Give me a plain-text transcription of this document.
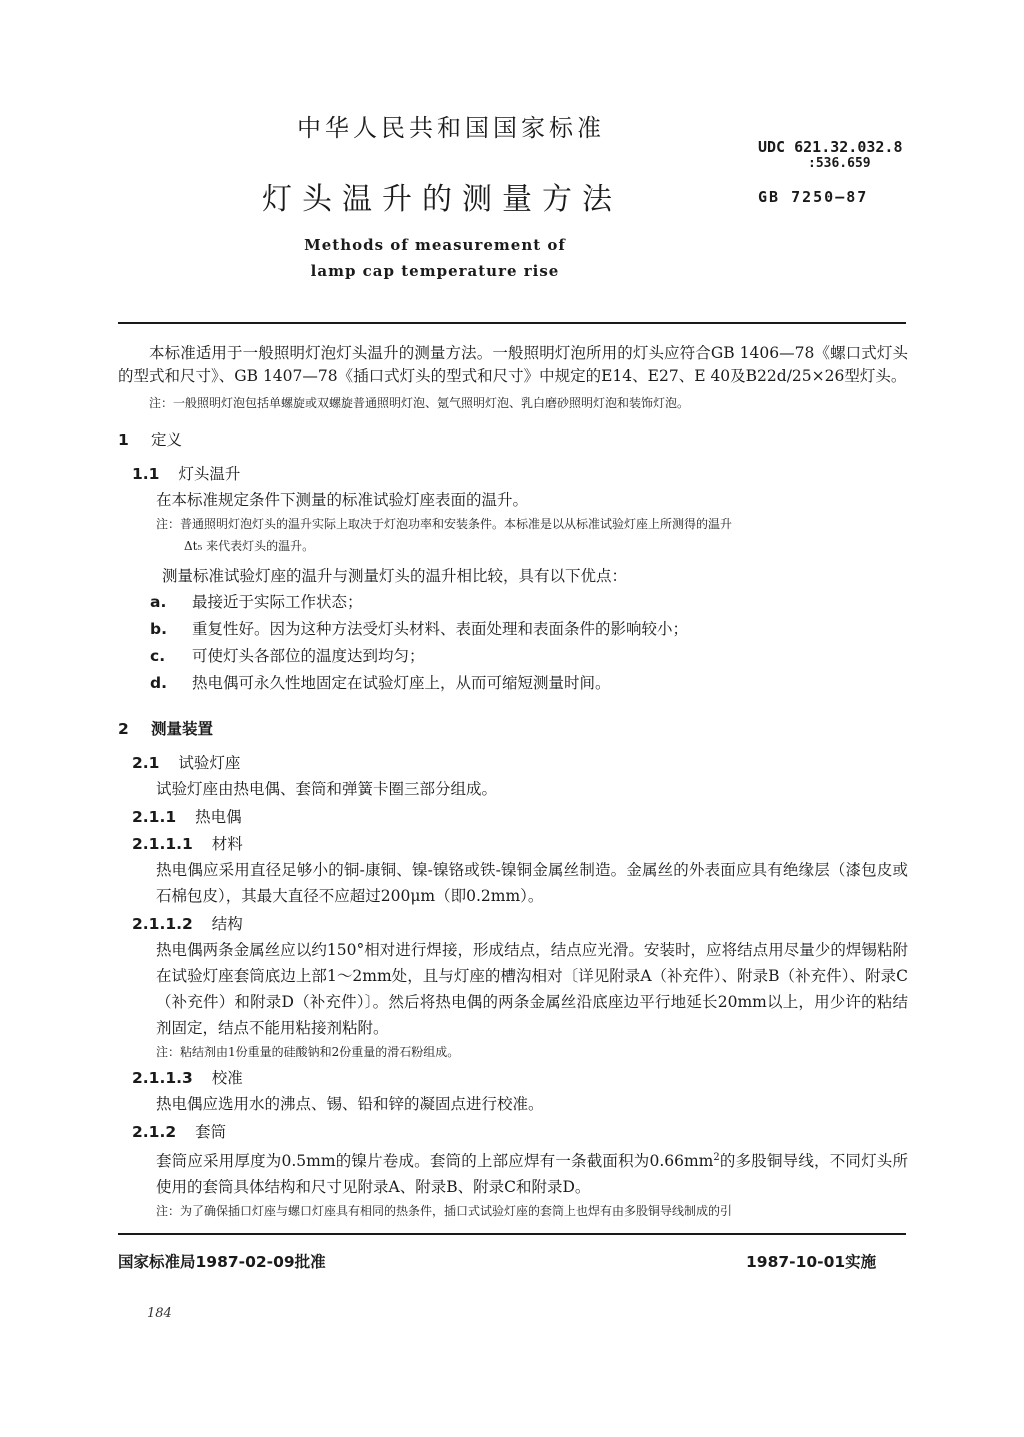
中华人民共和国国家标准
UDC 621.32.032.8
:536.659
灯头温升的测量方法	GB 7250—87
Methods of measurement of lamp cap temperature rise

本标准适用于一般照明灯泡灯头温升的测量方法。一般照明灯泡所用的灯头应符合GB 1406—78《螺口式灯头的型式和尺寸》、GB 1407—78《插口式灯头的型式和尺寸》中规定的E14、E27、E 40及B22d/25×26型灯头。

注：一般照明灯泡包括单螺旋或双螺旋普通照明灯泡、氪气照明灯泡、乳白磨砂照明灯泡和装饰灯泡。

1 定义
1.1 灯头温升

在本标准规定条件下测量的标准试验灯座表面的温升。

注：普通照明灯泡灯头的温升实际上取决于灯泡功率和安装条件。本标准是以从标准试验灯座上所测得的温升

Δt₅ 来代表灯头的温升。

测量标准试验灯座的温升与测量灯头的温升相比较，具有以下优点：

a. 最接近于实际工作状态；
b. 重复性好。因为这种方法受灯头材料、表面处理和表面条件的影响较小；
c. 可使灯头各部位的温度达到均匀；
d. 热电偶可永久性地固定在试验灯座上，从而可缩短测量时间。
2 测量装置
2.1 试验灯座

试验灯座由热电偶、套筒和弹簧卡圈三部分组成。

2.1.1 热电偶
2.1.1.1 材料

热电偶应采用直径足够小的铜-康铜、镍-镍铬或铁-镍铜金属丝制造。金属丝的外表面应具有绝缘层（漆包皮或石棉包皮），其最大直径不应超过200μm（即0.2mm）。

2.1.1.2 结构

热电偶两条金属丝应以约150°相对进行焊接，形成结点，结点应光滑。安装时，应将结点用尽量少的焊锡粘附在试验灯座套筒底边上部1～2mm处，且与灯座的槽沟相对〔详见附录A（补充件）、附录B（补充件）、附录C（补充件）和附录D（补充件）〕。然后将热电偶的两条金属丝沿底座边平行地延长20mm以上，用少许的粘结剂固定，结点不能用粘接剂粘附。

注：粘结剂由1份重量的硅酸钠和2份重量的滑石粉组成。

2.1.1.3 校准

热电偶应选用水的沸点、锡、铅和锌的凝固点进行校准。

2.1.2 套筒

套筒应采用厚度为0.5mm的镍片卷成。套筒的上部应焊有一条截面积为$0.66mm^2$的多股铜导线，不同灯头所使用的套筒具体结构和尺寸见附录A、附录B、附录C和附录D。

注：为了确保插口灯座与螺口灯座具有相同的热条件，插口式试验灯座的套筒上也焊有由多股铜导线制成的引

国家标准局1987-02-09批准	1987-10-01实施
184
